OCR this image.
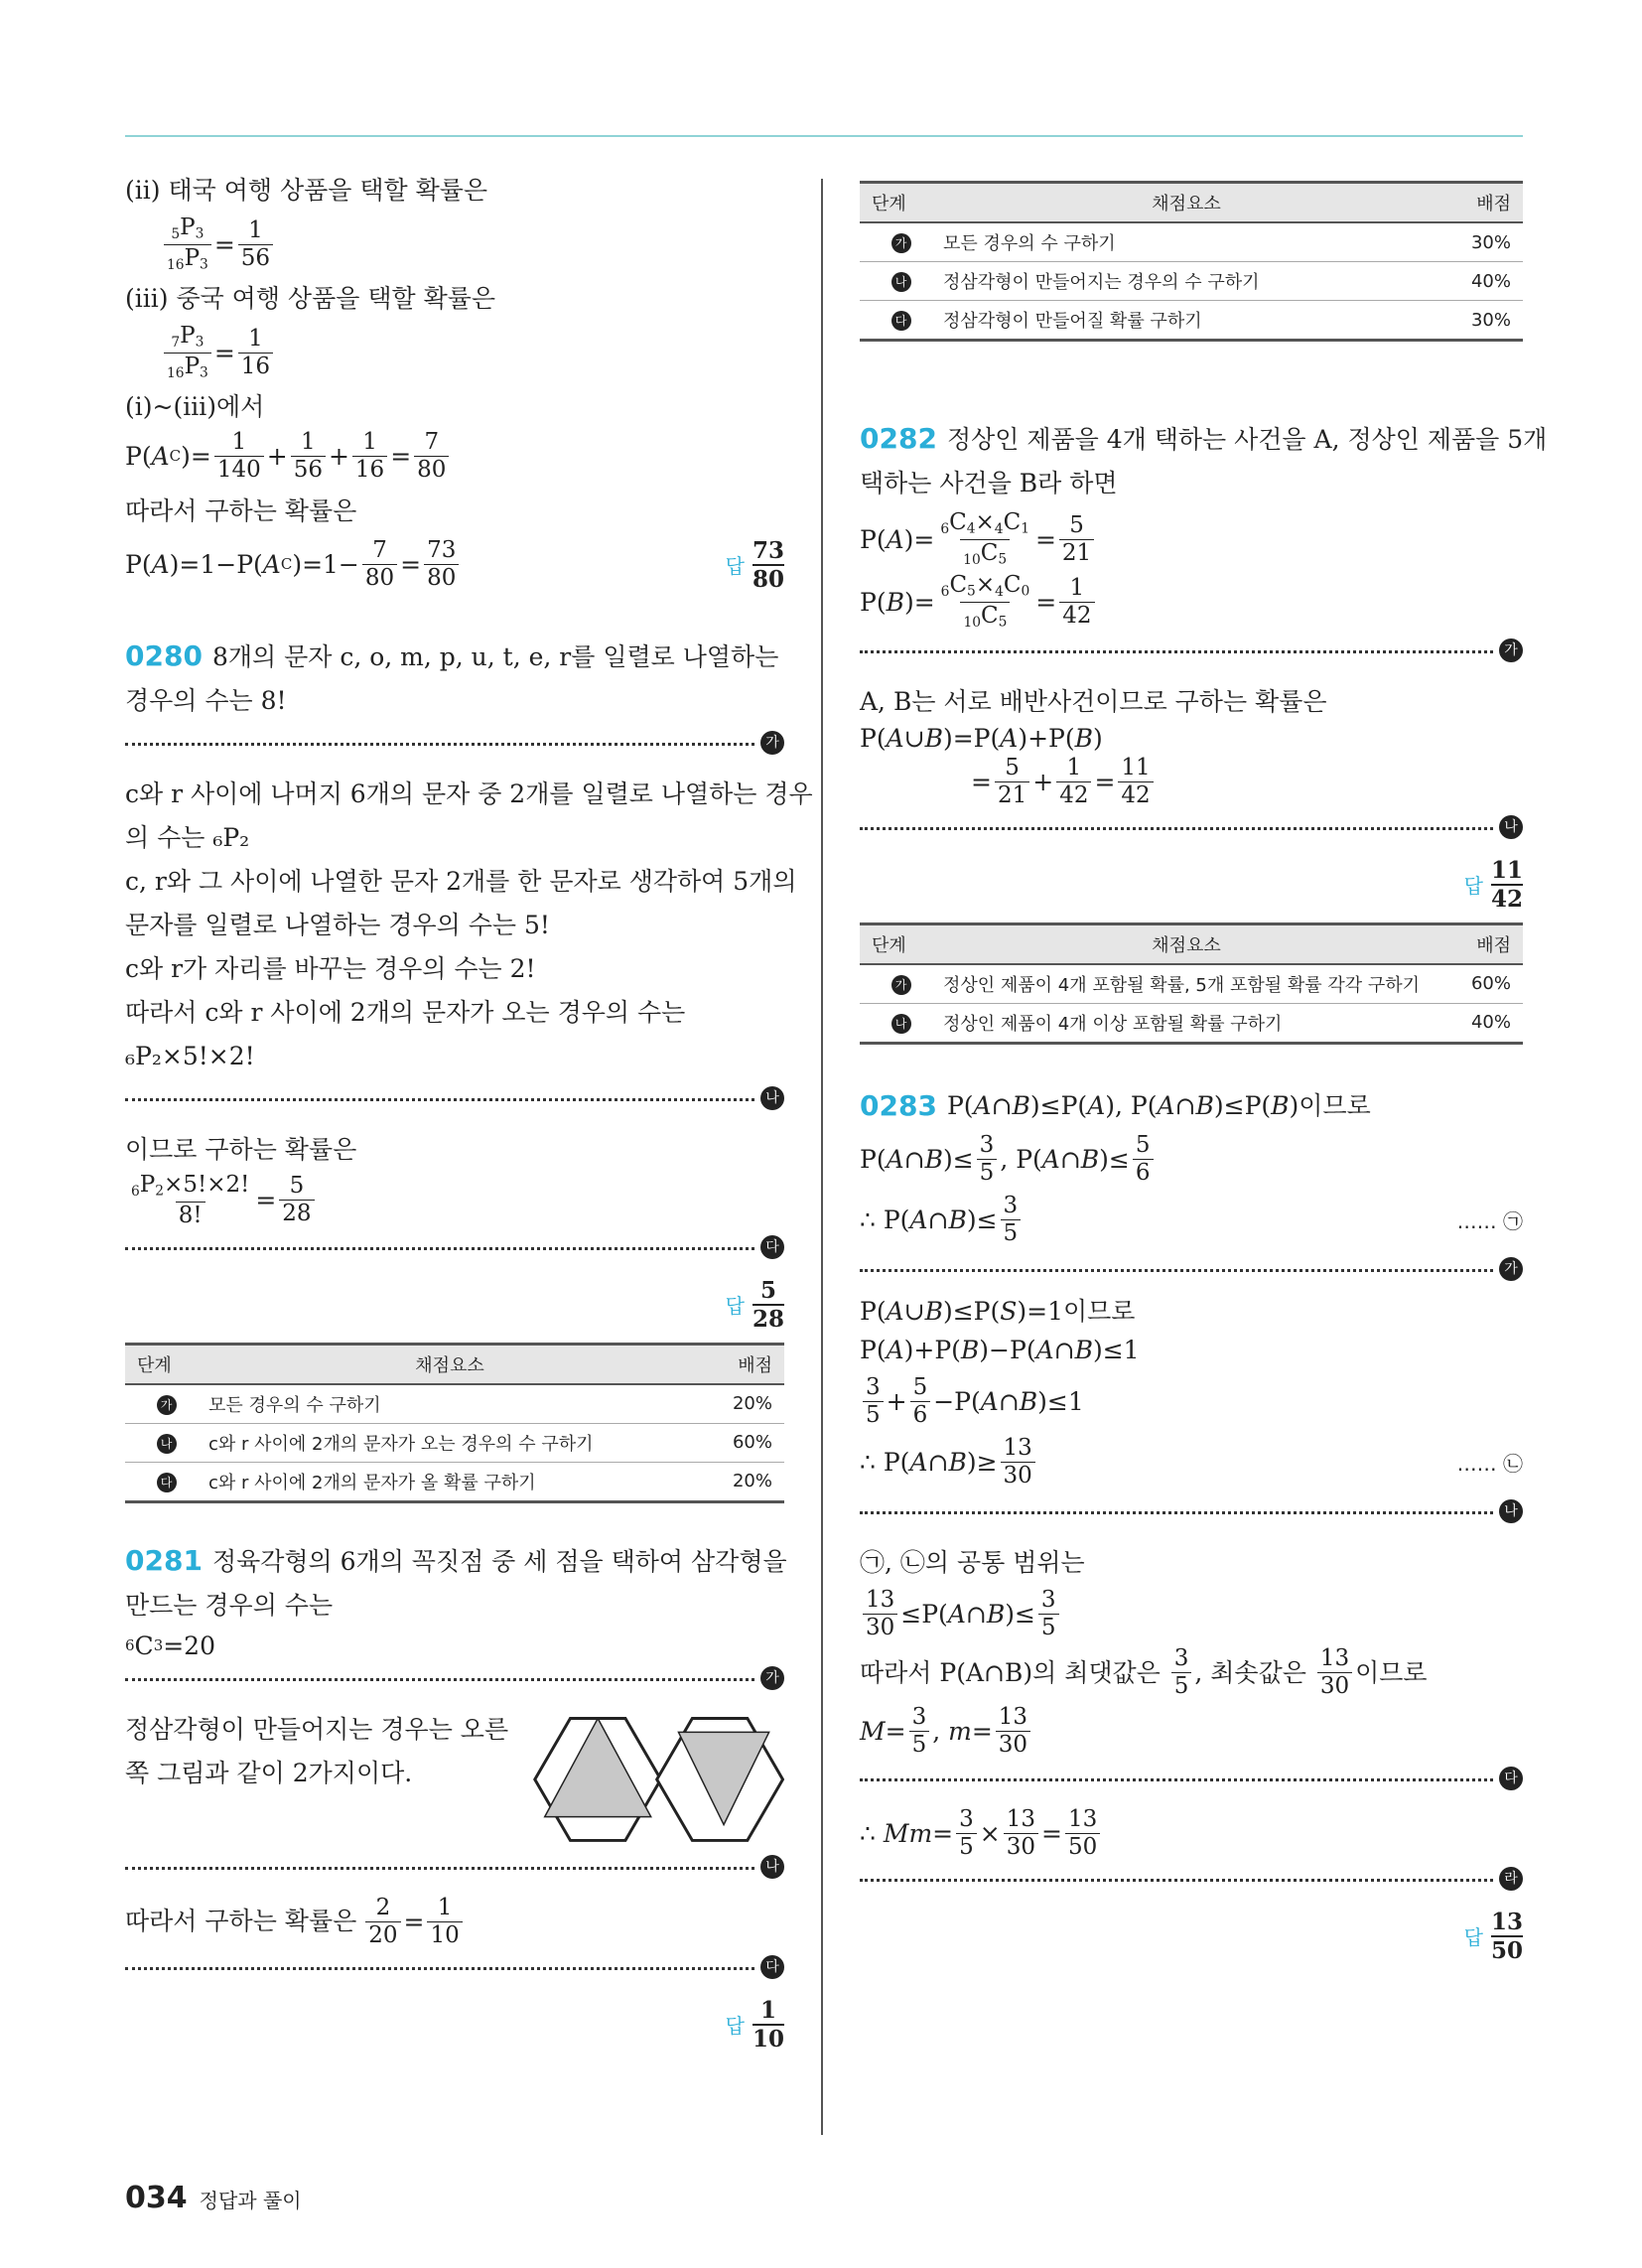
(ii) 태국 여행 상품을 택할 확률은
$\frac{5P3}{16P3} = \frac{1}{56}$
(iii) 중국 여행 상품을 택할 확률은
$\frac{7P3}{16P3} = \frac{1}{16}$
(i)~(iii)에서
P( A C )= $\frac{1}{140} + \frac{1}{56} + \frac{1}{16} = \frac{7}{80}$
따라서 구하는 확률은
P( A )=1−P( A C )$=1- \frac{7}{80} = \frac{73}{80}$	답 $\frac{73}{80}$
0280 8개의 문자 c, o, m, p, u, t, e, r를 일렬로 나열하는
경우의 수는 8!
가
c와 r 사이에 나머지 6개의 문자 중 2개를 일렬로 나열하는 경우
의 수는 ₆P₂
c, r와 그 사이에 나열한 문자 2개를 한 문자로 생각하여 5개의
문자를 일렬로 나열하는 경우의 수는 5!
c와 r가 자리를 바꾸는 경우의 수는 2!
따라서 c와 r 사이에 2개의 문자가 오는 경우의 수는
₆P₂×5!×2!
나
이므로 구하는 확률은
$\frac{6P2\times 5!\times 2!}{8!} = \frac{5}{28}$
다
답 $\frac{5}{28}$
단계	채점요소	배점
가	모든 경우의 수 구하기	20%
나	c와 r 사이에 2개의 문자가 오는 경우의 수 구하기	60%
다	c와 r 사이에 2개의 문자가 올 확률 구하기	20%
0281 정육각형의 6개의 꼭짓점 중 세 점을 택하여 삼각형을
만드는 경우의 수는
6 C 3 =20
가
정삼각형이 만들어지는 경우는 오른
쪽 그림과 같이 2가지이다.
나
따라서 구하는 확률은 $\frac{2}{20} = \frac{1}{10}$
다
답 $\frac{1}{10}$
단계	채점요소	배점
가	모든 경우의 수 구하기	30%
나	정삼각형이 만들어지는 경우의 수 구하기	40%
다	정삼각형이 만들어질 확률 구하기	30%
0282 정상인 제품을 4개 택하는 사건을 A, 정상인 제품을 5개
택하는 사건을 B라 하면
P( A )= $\frac{6C4\times 4C1}{10C5} = \frac{5}{21}$
P( B )= $\frac{6C5\times 4C0}{10C5} = \frac{1}{42}$
가
A, B는 서로 배반사건이므로 구하는 확률은
P( A ∪ B )=P( A )+P( B )
= $\frac{5}{21} + \frac{1}{42} = \frac{11}{42}$
나
답 $\frac{11}{42}$
단계	채점요소	배점
가	정상인 제품이 4개 포함될 확률, 5개 포함될 확률 각각 구하기	60%
나	정상인 제품이 4개 이상 포함될 확률 구하기	40%
0283 P( A ∩ B )≤P( A ), P( A ∩ B )≤P( B ) 이므로
P( A ∩ B )≤ $\frac{3}{5}$ , P( A ∩ B )≤ $\frac{5}{6}$
∴ P( A ∩ B )≤ $\frac{3}{5}$	…… ㉠
가
P( A ∪ B )≤P( S )=1 이므로
P( A )+P( B )−P( A ∩ B )≤1
$\frac{3}{5} + \frac{5}{6} -P$( A ∩ B )≤1
∴ P( A ∩ B )≥ $\frac{13}{30}$	…… ㉡
나
㉠, ㉡의 공통 범위는
$\frac{13}{30} \le P$( A ∩ B )≤ $\frac{3}{5}$
따라서 P(A∩B)의 최댓값은
$\frac{3}{5}$ , 최솟값은
$\frac{13}{30}$ 이므로
$M = \frac{3}{5}$ , $m = \frac{13}{30}$
다
∴ $Mm = \frac{3}{5} \times \frac{13}{30} = \frac{13}{50}$
라
답 $\frac{13}{50}$
034 정답과 풀이
